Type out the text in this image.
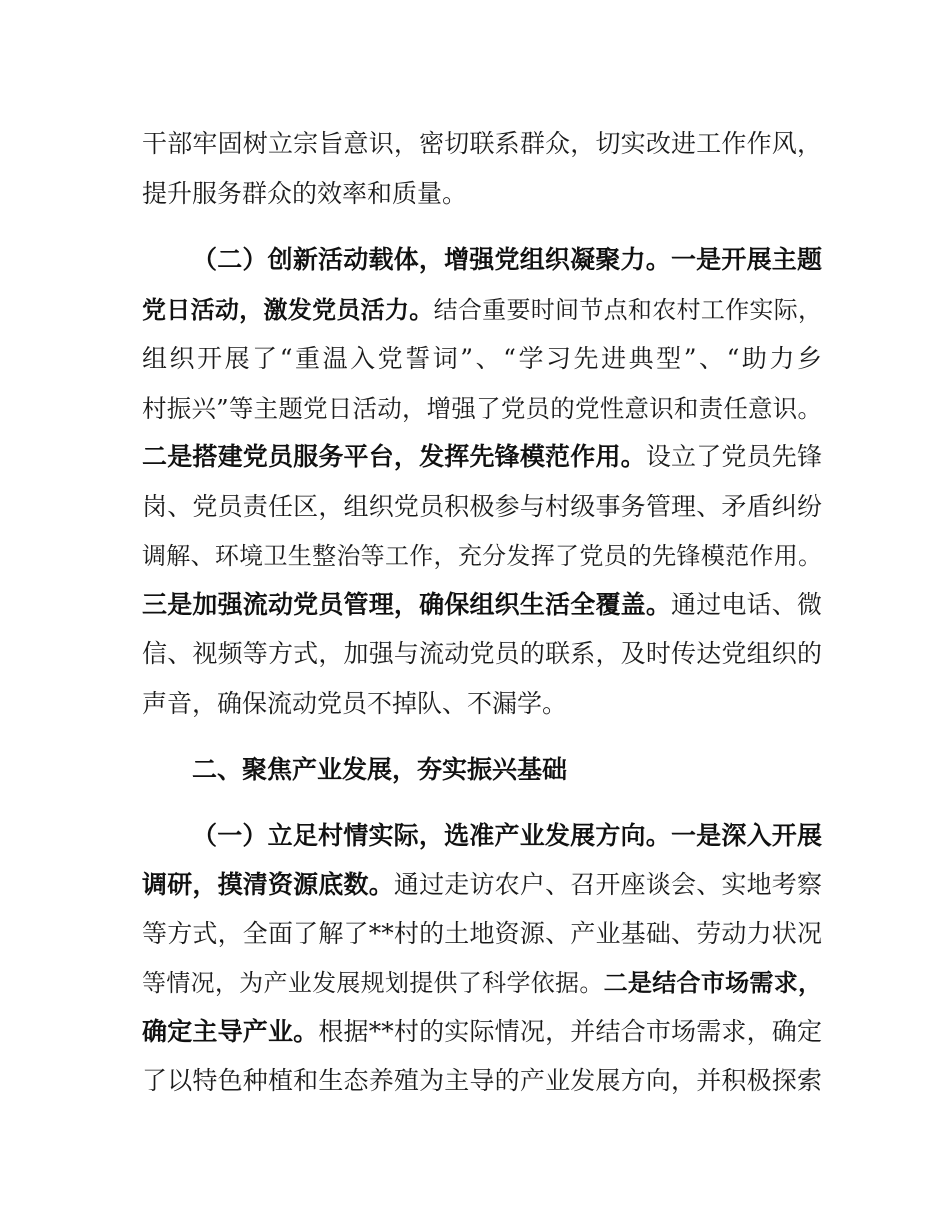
干部牢固树立宗旨意识，密切联系群众，切实改进工作作风，
提升服务群众的效率和质量。
（二）创新活动载体，增强党组织凝聚力。一是开展主题
党日活动，激发党员活力。结合重要时间节点和农村工作实际，
组织开展了“重温入党誓词”、“学习先进典型”、“助力乡
村振兴”等主题党日活动，增强了党员的党性意识和责任意识。
二是搭建党员服务平台，发挥先锋模范作用。设立了党员先锋
岗、党员责任区，组织党员积极参与村级事务管理、矛盾纠纷
调解、环境卫生整治等工作，充分发挥了党员的先锋模范作用。
三是加强流动党员管理，确保组织生活全覆盖。通过电话、微
信、视频等方式，加强与流动党员的联系，及时传达党组织的
声音，确保流动党员不掉队、不漏学。
二、聚焦产业发展，夯实振兴基础
（一）立足村情实际，选准产业发展方向。一是深入开展
调研，摸清资源底数。通过走访农户、召开座谈会、实地考察
等方式，全面了解了**村的土地资源、产业基础、劳动力状况
等情况，为产业发展规划提供了科学依据。二是结合市场需求，
确定主导产业。根据**村的实际情况，并结合市场需求，确定
了以特色种植和生态养殖为主导的产业发展方向，并积极探索
